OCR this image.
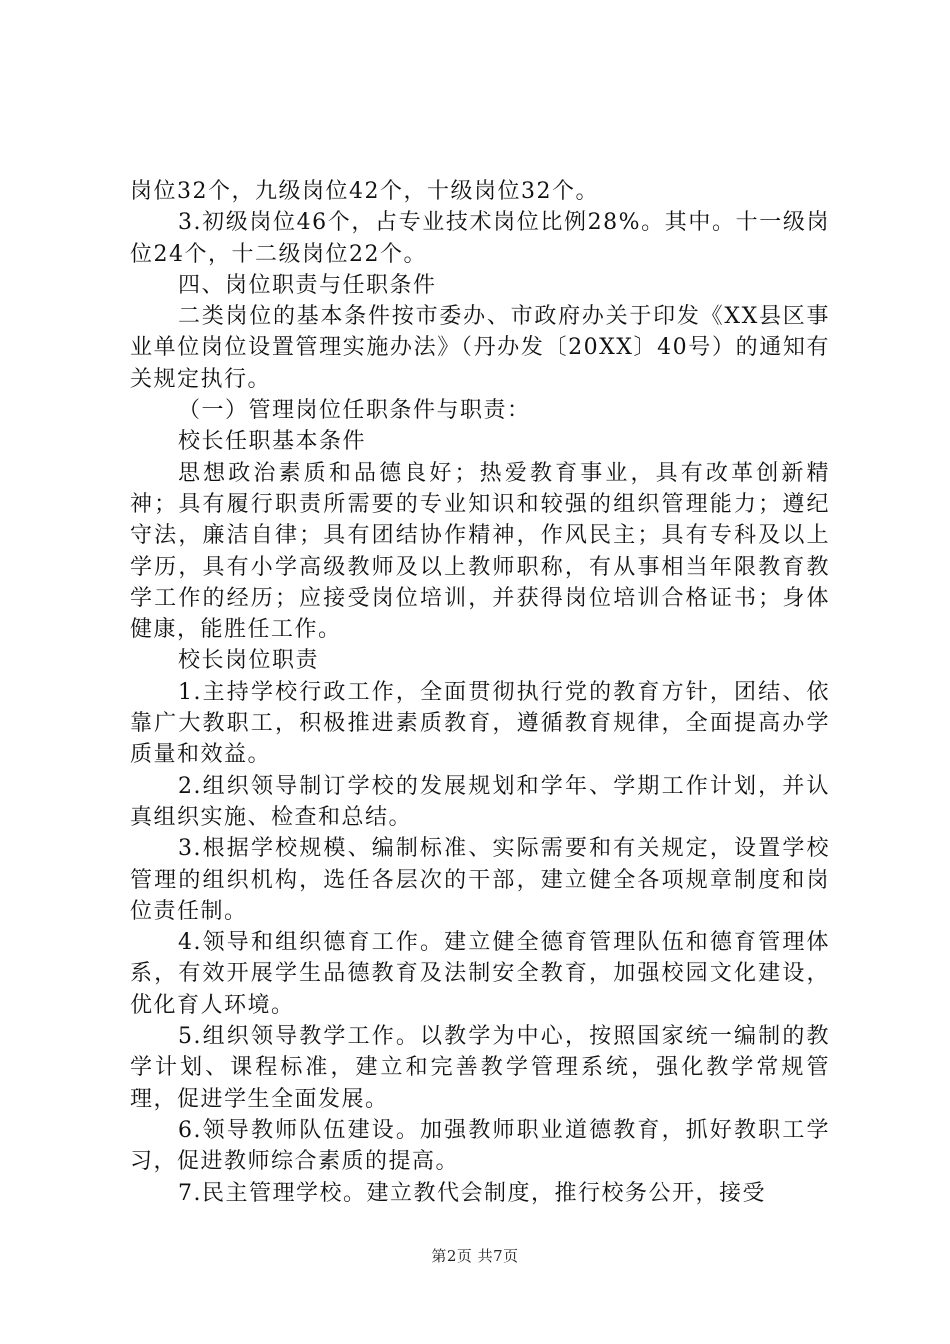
岗位32个，九级岗位42个，十级岗位32个。

3.初级岗位46个，占专业技术岗位比例28%。其中。十一级岗位24个，十二级岗位22个。

四、岗位职责与任职条件

二类岗位的基本条件按市委办、市政府办关于印发《XX县区事业单位岗位设置管理实施办法》（丹办发〔20XX〕40号）的通知有关规定执行。

（一）管理岗位任职条件与职责：

校长任职基本条件

思想政治素质和品德良好；热爱教育事业，具有改革创新精神；具有履行职责所需要的专业知识和较强的组织管理能力；遵纪守法，廉洁自律；具有团结协作精神，作风民主；具有专科及以上学历，具有小学高级教师及以上教师职称，有从事相当年限教育教学工作的经历；应接受岗位培训，并获得岗位培训合格证书；身体健康，能胜任工作。

校长岗位职责

1.主持学校行政工作，全面贯彻执行党的教育方针，团结、依靠广大教职工，积极推进素质教育，遵循教育规律，全面提高办学质量和效益。

2.组织领导制订学校的发展规划和学年、学期工作计划，并认真组织实施、检查和总结。

3.根据学校规模、编制标准、实际需要和有关规定，设置学校管理的组织机构，选任各层次的干部，建立健全各项规章制度和岗位责任制。

4.领导和组织德育工作。建立健全德育管理队伍和德育管理体系，有效开展学生品德教育及法制安全教育，加强校园文化建设，优化育人环境。

5.组织领导教学工作。以教学为中心，按照国家统一编制的教学计划、课程标准，建立和完善教学管理系统，强化教学常规管理，促进学生全面发展。

6.领导教师队伍建设。加强教师职业道德教育，抓好教职工学习，促进教师综合素质的提高。

7.民主管理学校。建立教代会制度，推行校务公开，接受

第2页 共7页
